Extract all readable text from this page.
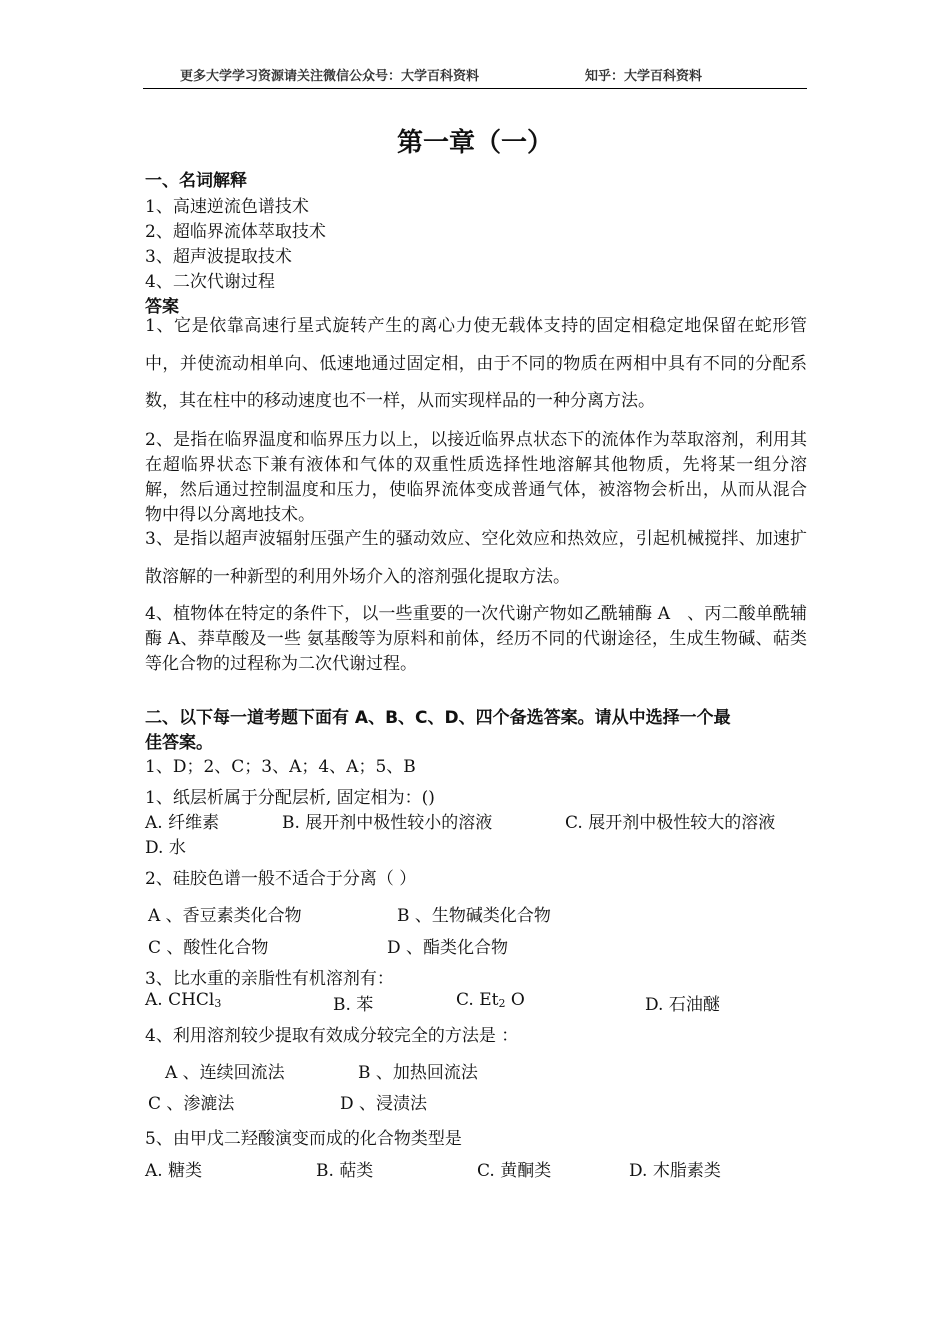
更多大学学习资源请关注微信公众号：大学百科资料	知乎：大学百科资料
第一章（一）
一、名词解释
1、高速逆流色谱技术
2、超临界流体萃取技术
3、超声波提取技术
4、二次代谢过程
答案

1、它是依靠高速行星式旋转产生的离心力使无载体支持的固定相稳定地保留在蛇形管中，并使流动相单向、低速地通过固定相，由于不同的物质在两相中具有不同的分配系数，其在柱中的移动速度也不一样，从而实现样品的一种分离方法。

2、是指在临界温度和临界压力以上，以接近临界点状态下的流体作为萃取溶剂，利用其在超临界状态下兼有液体和气体的双重性质选择性地溶解其他物质，先将某一组分溶解，然后通过控制温度和压力，使临界流体变成普通气体，被溶物会析出，从而从混合物中得以分离地技术。

3、是指以超声波辐射压强产生的骚动效应、空化效应和热效应，引起机械搅拌、加速扩散溶解的一种新型的利用外场介入的溶剂强化提取方法。

4、植物体在特定的条件下，以一些重要的一次代谢产物如乙酰辅酶 A　、丙二酸单酰辅酶 A、莽草酸及一些 氨基酸等为原料和前体，经历不同的代谢途径，生成生物碱、萜类等化合物的过程称为二次代谢过程。

二、以下每一道考题下面有 A、B、C、D、四个备选答案。请从中选择一个最
佳答案。
1、D；2、C；3、A；4、A；5、B
1、纸层析属于分配层析, 固定相为：()
A. 纤维素	B. 展开剂中极性较小的溶液	C. 展开剂中极性较大的溶液
D. 水
2、硅胶色谱一般不适合于分离（ ）
A 、香豆素类化合物	B 、生物碱类化合物
C 、酸性化合物	D 、酯类化合物
3、比水重的亲脂性有机溶剂有：
A. CHCl$_3$	B. 苯	C. $Et_2$ O	D. 石油醚
4、利用溶剂较少提取有效成分较完全的方法是 ：
A 、连续回流法	B 、加热回流法
C 、渗漉法	D 、浸渍法
5、由甲戊二羟酸演变而成的化合物类型是
A. 糖类	B. 萜类	C. 黄酮类	D. 木脂素类
